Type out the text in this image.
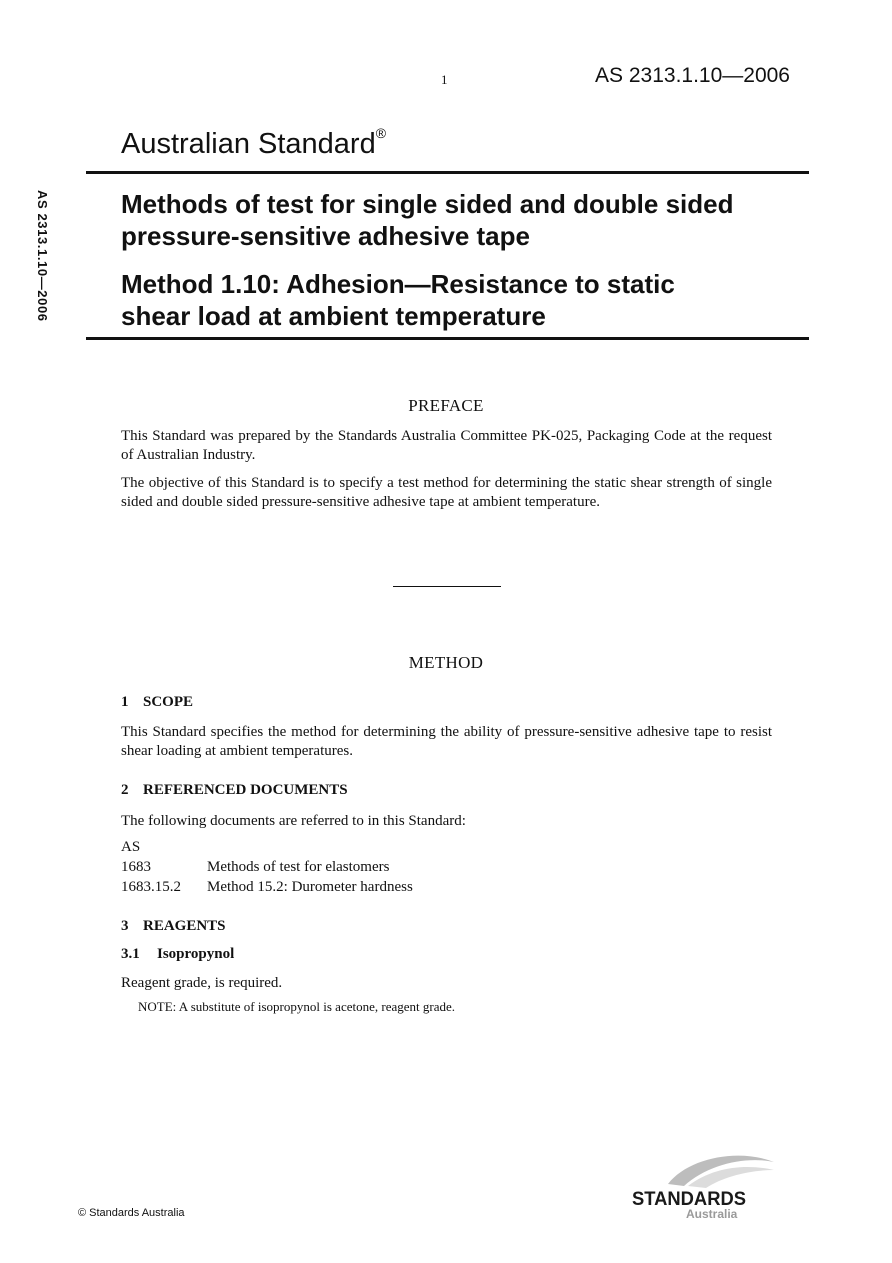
1	AS 2313.1.10—2006
AS 2313.1.10—2006
Australian Standard®
Methods of test for single sided and double sided
pressure-sensitive adhesive tape
Method 1.10: Adhesion—Resistance to static
shear load at ambient temperature
PREFACE
This Standard was prepared by the Standards Australia Committee PK-025, Packaging Code at the request of Australian Industry.
The objective of this Standard is to specify a test method for determining the static shear strength of single sided and double sided pressure-sensitive adhesive tape at ambient temperature.
METHOD
1 SCOPE
This Standard specifies the method for determining the ability of pressure-sensitive adhesive tape to resist shear loading at ambient temperatures.
2 REFERENCED DOCUMENTS
The following documents are referred to in this Standard:
AS
1683	Methods of test for elastomers
1683.15.2 Method 15.2: Durometer hardness
3 REAGENTS
3.1 Isopropynol
Reagent grade, is required.
NOTE: A substitute of isopropynol is acetone, reagent grade.
© Standards Australia
STANDARDS
Australia
